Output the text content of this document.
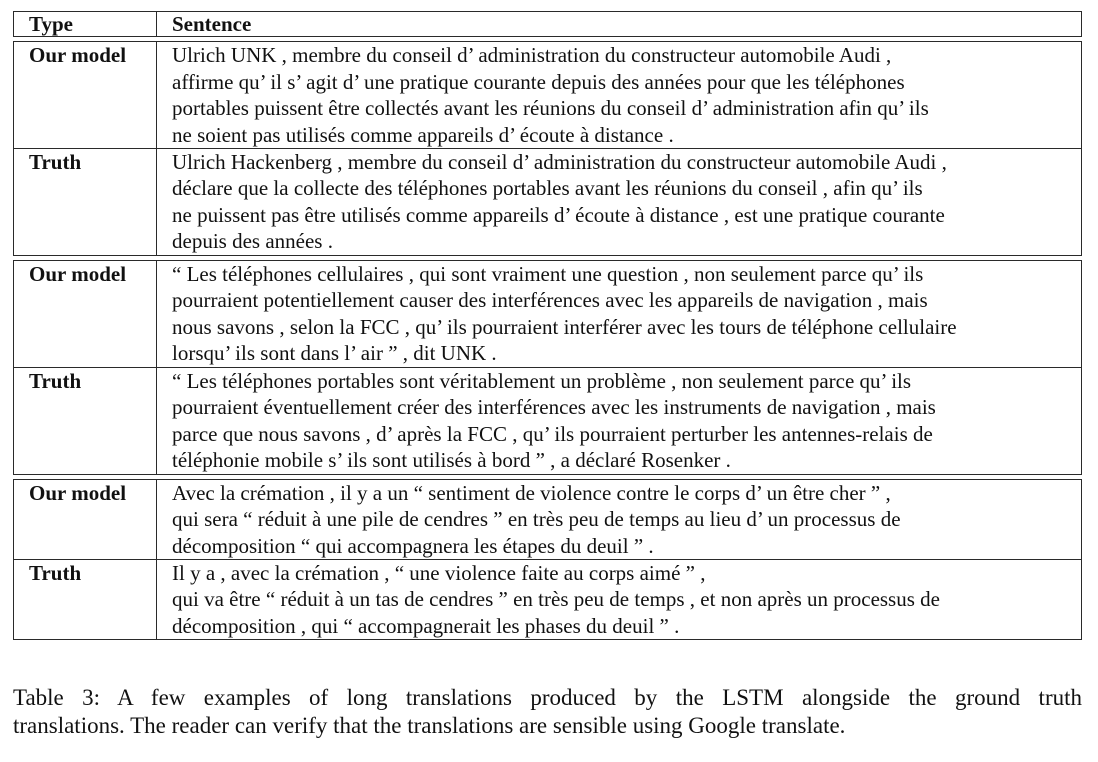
Type	Sentence
Our model	Ulrich UNK , membre du conseil d’ administration du constructeur automobile Audi ,
affirme qu’ il s’ agit d’ une pratique courante depuis des années pour que les téléphones
portables puissent être collectés avant les réunions du conseil d’ administration afin qu’ ils
ne soient pas utilisés comme appareils d’ écoute à distance .
Truth	Ulrich Hackenberg , membre du conseil d’ administration du constructeur automobile Audi ,
déclare que la collecte des téléphones portables avant les réunions du conseil , afin qu’ ils
ne puissent pas être utilisés comme appareils d’ écoute à distance , est une pratique courante
depuis des années .
Our model	“ Les téléphones cellulaires , qui sont vraiment une question , non seulement parce qu’ ils
pourraient potentiellement causer des interférences avec les appareils de navigation , mais
nous savons , selon la FCC , qu’ ils pourraient interférer avec les tours de téléphone cellulaire
lorsqu’ ils sont dans l’ air ” , dit UNK .
Truth	“ Les téléphones portables sont véritablement un problème , non seulement parce qu’ ils
pourraient éventuellement créer des interférences avec les instruments de navigation , mais
parce que nous savons , d’ après la FCC , qu’ ils pourraient perturber les antennes-relais de
téléphonie mobile s’ ils sont utilisés à bord ” , a déclaré Rosenker .
Our model	Avec la crémation , il y a un “ sentiment de violence contre le corps d’ un être cher ” ,
qui sera “ réduit à une pile de cendres ” en très peu de temps au lieu d’ un processus de
décomposition “ qui accompagnera les étapes du deuil ” .
Truth	Il y a , avec la crémation , “ une violence faite au corps aimé ” ,
qui va être “ réduit à un tas de cendres ” en très peu de temps , et non après un processus de
décomposition , qui “ accompagnerait les phases du deuil ” .
Table 3: A few examples of long translations produced by the LSTM alongside the ground truth
translations. The reader can verify that the translations are sensible using Google translate.
